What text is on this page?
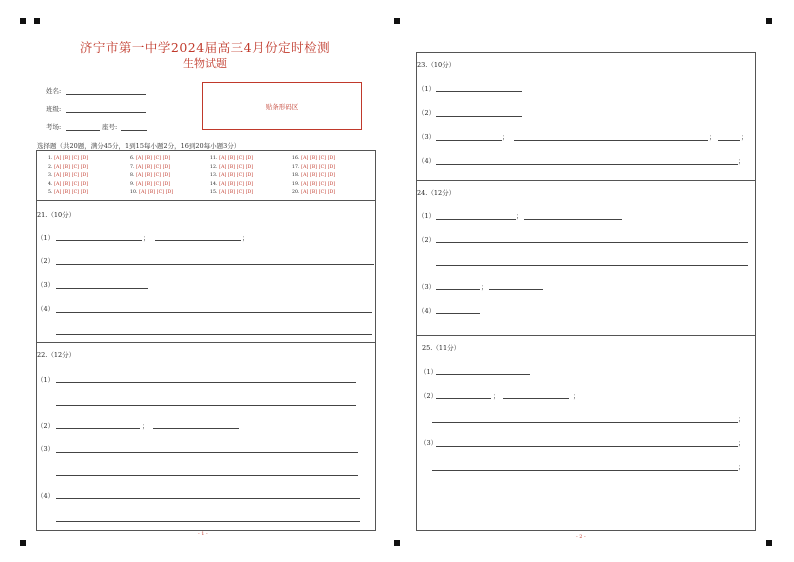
济宁市第一中学2024届高三4月份定时检测
生物试题
姓名:
班级:
考场:	座号:
贴条形码区
选择题（共20题，满分45分，1到15每小题2分，16到20每小题3分）
1. [A] [B] [C] [D]
2. [A] [B] [C] [D]
3. [A] [B] [C] [D]
4. [A] [B] [C] [D]
5. [A] [B] [C] [D]
6. [A] [B] [C] [D]
7. [A] [B] [C] [D]
8. [A] [B] [C] [D]
9. [A] [B] [C] [D]
10. [A] [B] [C] [D]
11. [A] [B] [C] [D]
12. [A] [B] [C] [D]
13. [A] [B] [C] [D]
14. [A] [B] [C] [D]
15. [A] [B] [C] [D]
16. [A] [B] [C] [D]
17. [A] [B] [C] [D]
18. [A] [B] [C] [D]
19. [A] [B] [C] [D]
20. [A] [B] [C] [D]
21.（10分）
（1）	；	；
（2）
（3）
（4）
22.（12分）
（1）
（2）	；
（3）
（4）
- 1 -
23.（10分）
（1）
（2）
（3）	；	；	；
（4）	；
24.（12分）
（1）	；
（2）
（3）	；
（4）
25.（11分）
（1）
（2）	；	；
；
（3）	；
；
- 2 -
